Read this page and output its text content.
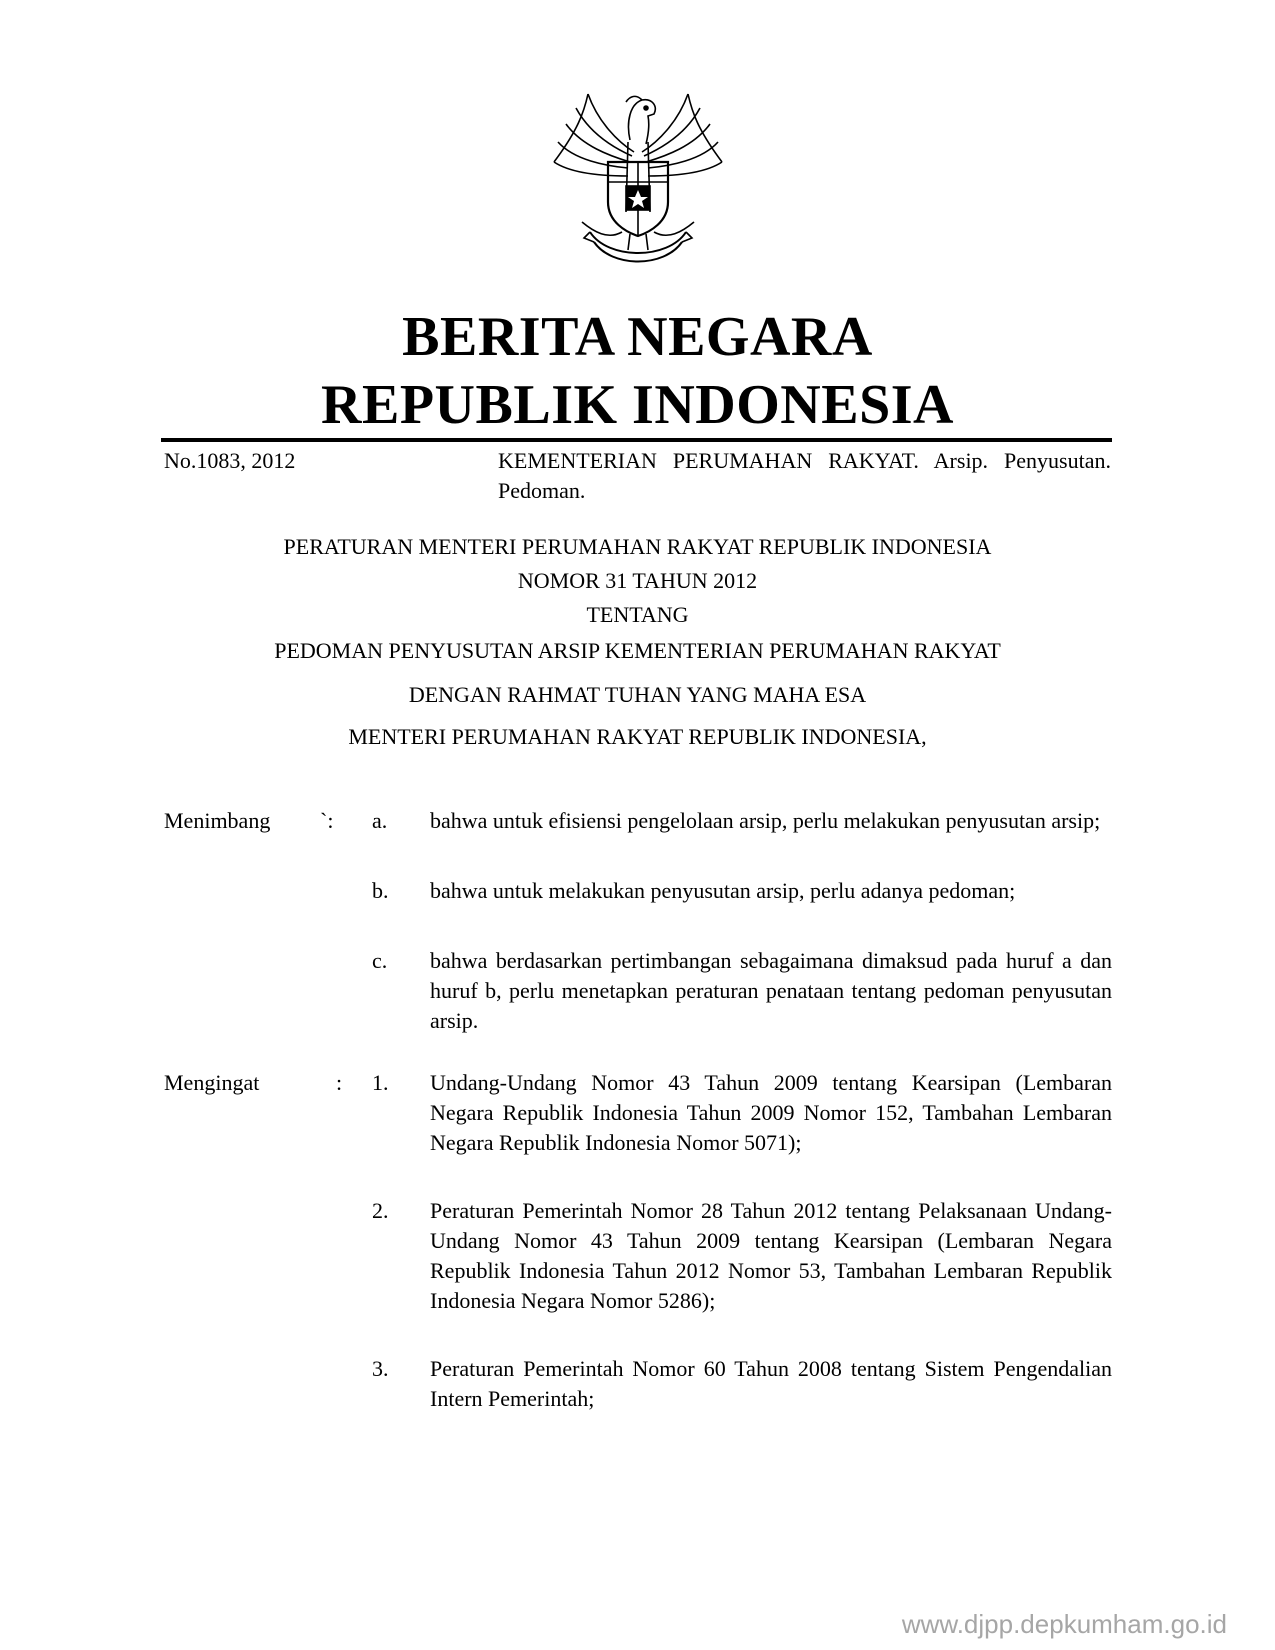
BERITA NEGARA
REPUBLIK INDONESIA
No.1083, 2012	KEMENTERIAN PERUMAHAN RAKYAT. Arsip. Penyusutan. Pedoman.
PERATURAN MENTERI PERUMAHAN RAKYAT REPUBLIK INDONESIA
NOMOR 31 TAHUN 2012
TENTANG
PEDOMAN PENYUSUTAN ARSIP KEMENTERIAN PERUMAHAN RAKYAT
DENGAN RAHMAT TUHAN YANG MAHA ESA
MENTERI PERUMAHAN RAKYAT REPUBLIK INDONESIA,
Menimbang `: a. bahwa untuk efisiensi pengelolaan arsip, perlu melakukan penyusutan arsip;

b. bahwa untuk melakukan penyusutan arsip, perlu adanya pedoman;

c. bahwa berdasarkan pertimbangan sebagaimana dimaksud pada huruf a dan huruf b, perlu menetapkan peraturan penataan tentang pedoman penyusutan arsip.

Mengingat	: 1. Undang-Undang Nomor 43 Tahun 2009 tentang Kearsipan (Lembaran Negara Republik Indonesia Tahun 2009 Nomor 152, Tambahan Lembaran Negara Republik Indonesia Nomor 5071);

2. Peraturan Pemerintah Nomor 28 Tahun 2012 tentang Pelaksanaan Undang-Undang Nomor 43 Tahun 2009 tentang Kearsipan (Lembaran Negara Republik Indonesia Tahun 2012 Nomor 53, Tambahan Lembaran Republik Indonesia Negara Nomor 5286);

3. Peraturan Pemerintah Nomor 60 Tahun 2008 tentang Sistem Pengendalian Intern Pemerintah;

www.djpp.depkumham.go.id
